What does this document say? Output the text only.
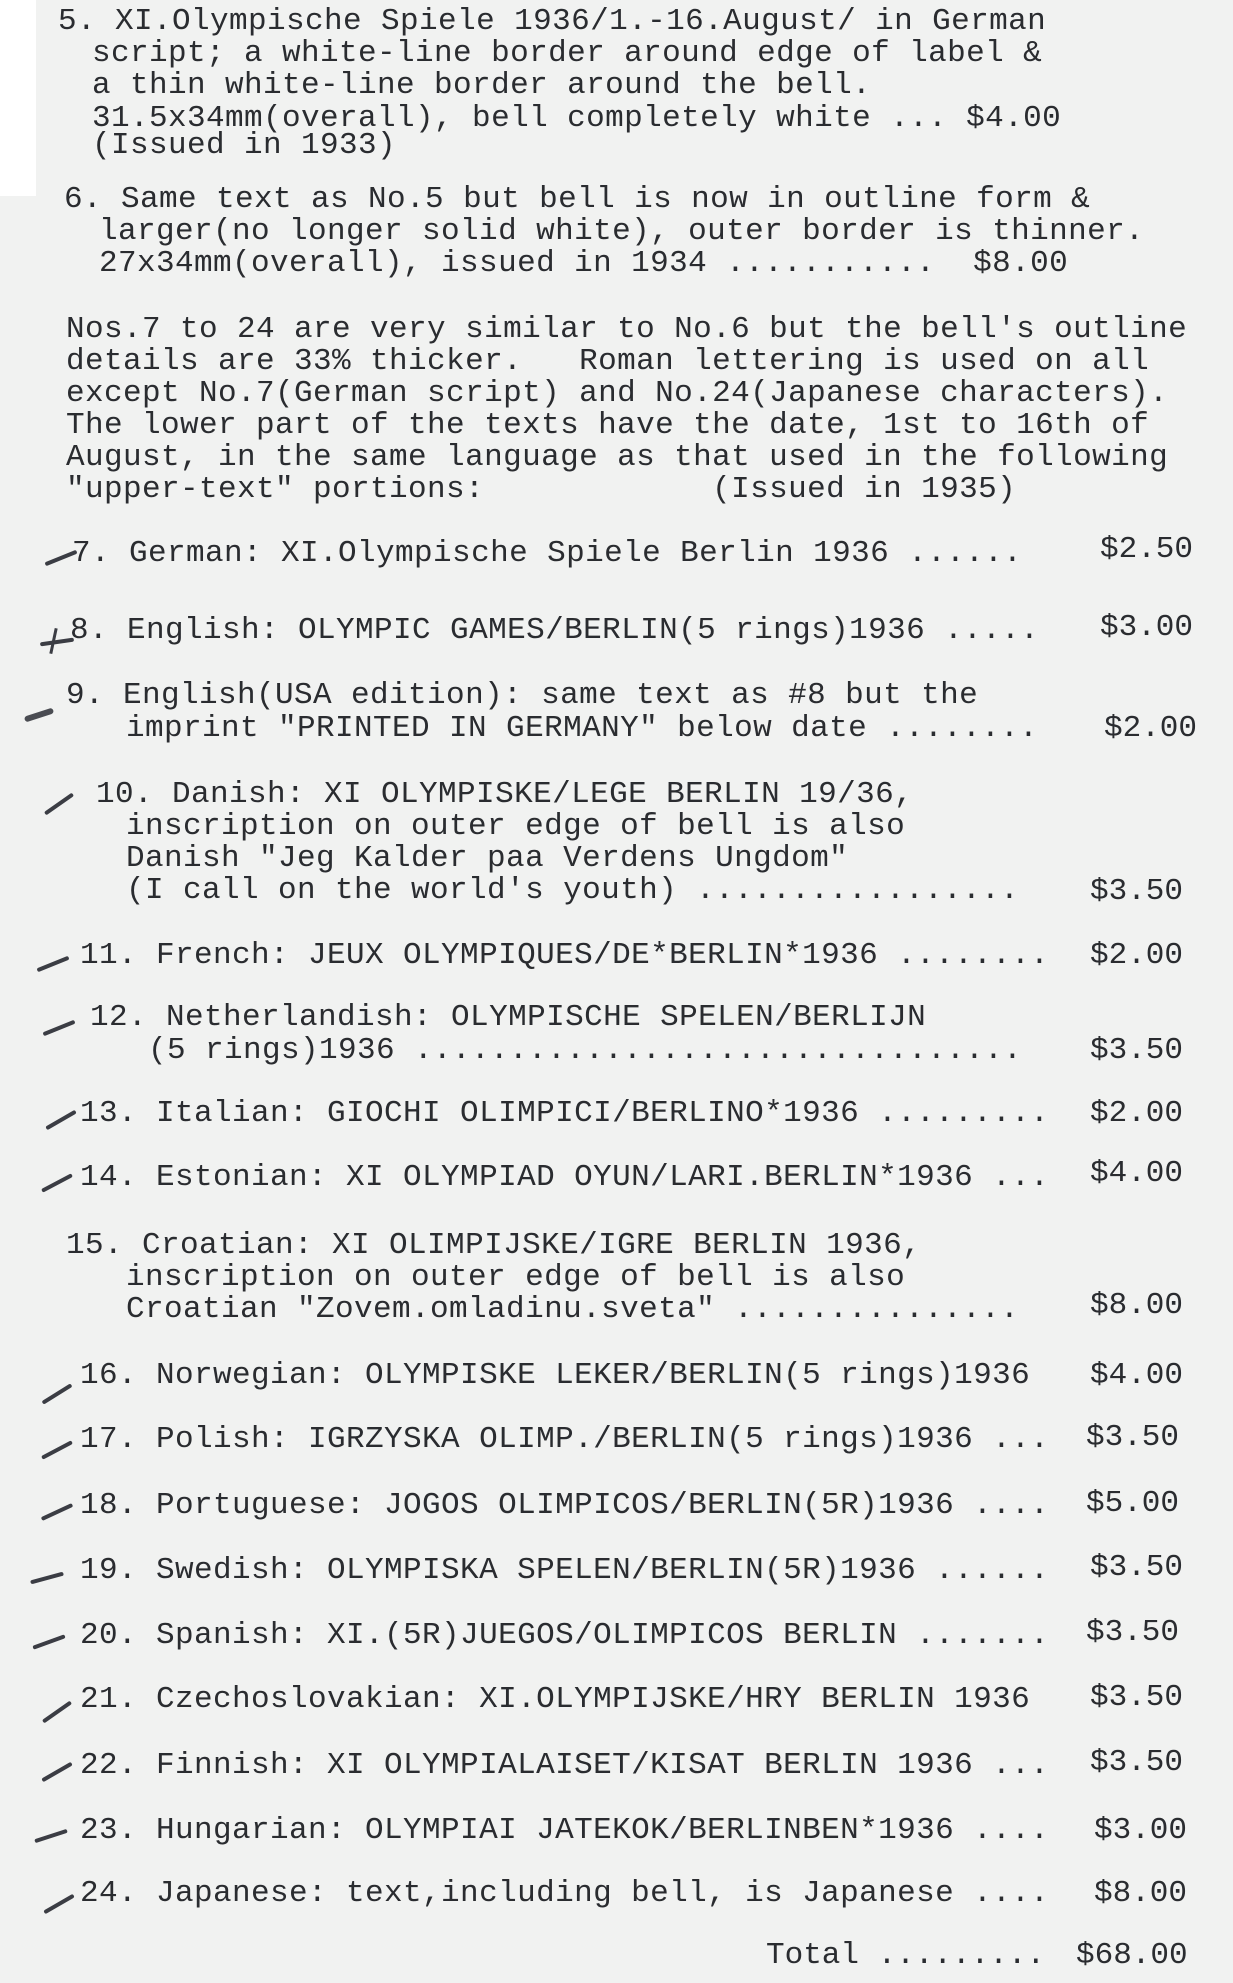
5. XI.Olympische Spiele 1936/1.-16.August/ in German
script; a white-line border around edge of label &
a thin white-line border around the bell.
31.5x34mm(overall), bell completely white ... $4.00
(Issued in 1933)
6. Same text as No.5 but bell is now in outline form &
larger(no longer solid white), outer border is thinner.
27x34mm(overall), issued in 1934 ...........  $8.00
Nos.7 to 24 are very similar to No.6 but the bell's outline
details are 33% thicker.   Roman lettering is used on all
except No.7(German script) and No.24(Japanese characters).
The lower part of the texts have the date, 1st to 16th of
August, in the same language as that used in the following
"upper-text" portions:            (Issued in 1935)
7. German: XI.Olympische Spiele Berlin 1936 ......	$2.50
8. English: OLYMPIC GAMES/BERLIN(5 rings)1936 ..... $3.00
9. English(USA edition): same text as #8 but the
imprint "PRINTED IN GERMANY" below date ........ $2.00
10. Danish: XI OLYMPISKE/LEGE BERLIN 19/36,
inscription on outer edge of bell is also
Danish "Jeg Kalder paa Verdens Ungdom"
(I call on the world's youth) ................. $3.50
11. French: JEUX OLYMPIQUES/DE*BERLIN*1936 ........ $2.00
12. Netherlandish: OLYMPISCHE SPELEN/BERLIJN
(5 rings)1936 ................................ $3.50
13. Italian: GIOCHI OLIMPICI/BERLINO*1936 ......... $2.00
14. Estonian: XI OLYMPIAD OYUN/LARI.BERLIN*1936 ... $4.00
15. Croatian: XI OLIMPIJSKE/IGRE BERLIN 1936,
inscription on outer edge of bell is also
Croatian "Zovem.omladinu.sveta" ............... $8.00
16. Norwegian: OLYMPISKE LEKER/BERLIN(5 rings)1936 $4.00
17. Polish: IGRZYSKA OLIMP./BERLIN(5 rings)1936 ... $3.50
18. Portuguese: JOGOS OLIMPICOS/BERLIN(5R)1936 .... $5.00
19. Swedish: OLYMPISKA SPELEN/BERLIN(5R)1936 ...... $3.50
20. Spanish: XI.(5R)JUEGOS/OLIMPICOS BERLIN ....... $3.50
21. Czechoslovakian: XI.OLYMPIJSKE/HRY BERLIN 1936 $3.50
22. Finnish: XI OLYMPIALAISET/KISAT BERLIN 1936 ... $3.50
23. Hungarian: OLYMPIAI JATEKOK/BERLINBEN*1936 .... $3.00
24. Japanese: text,including bell, is Japanese .... $8.00
Total ......... $68.00
